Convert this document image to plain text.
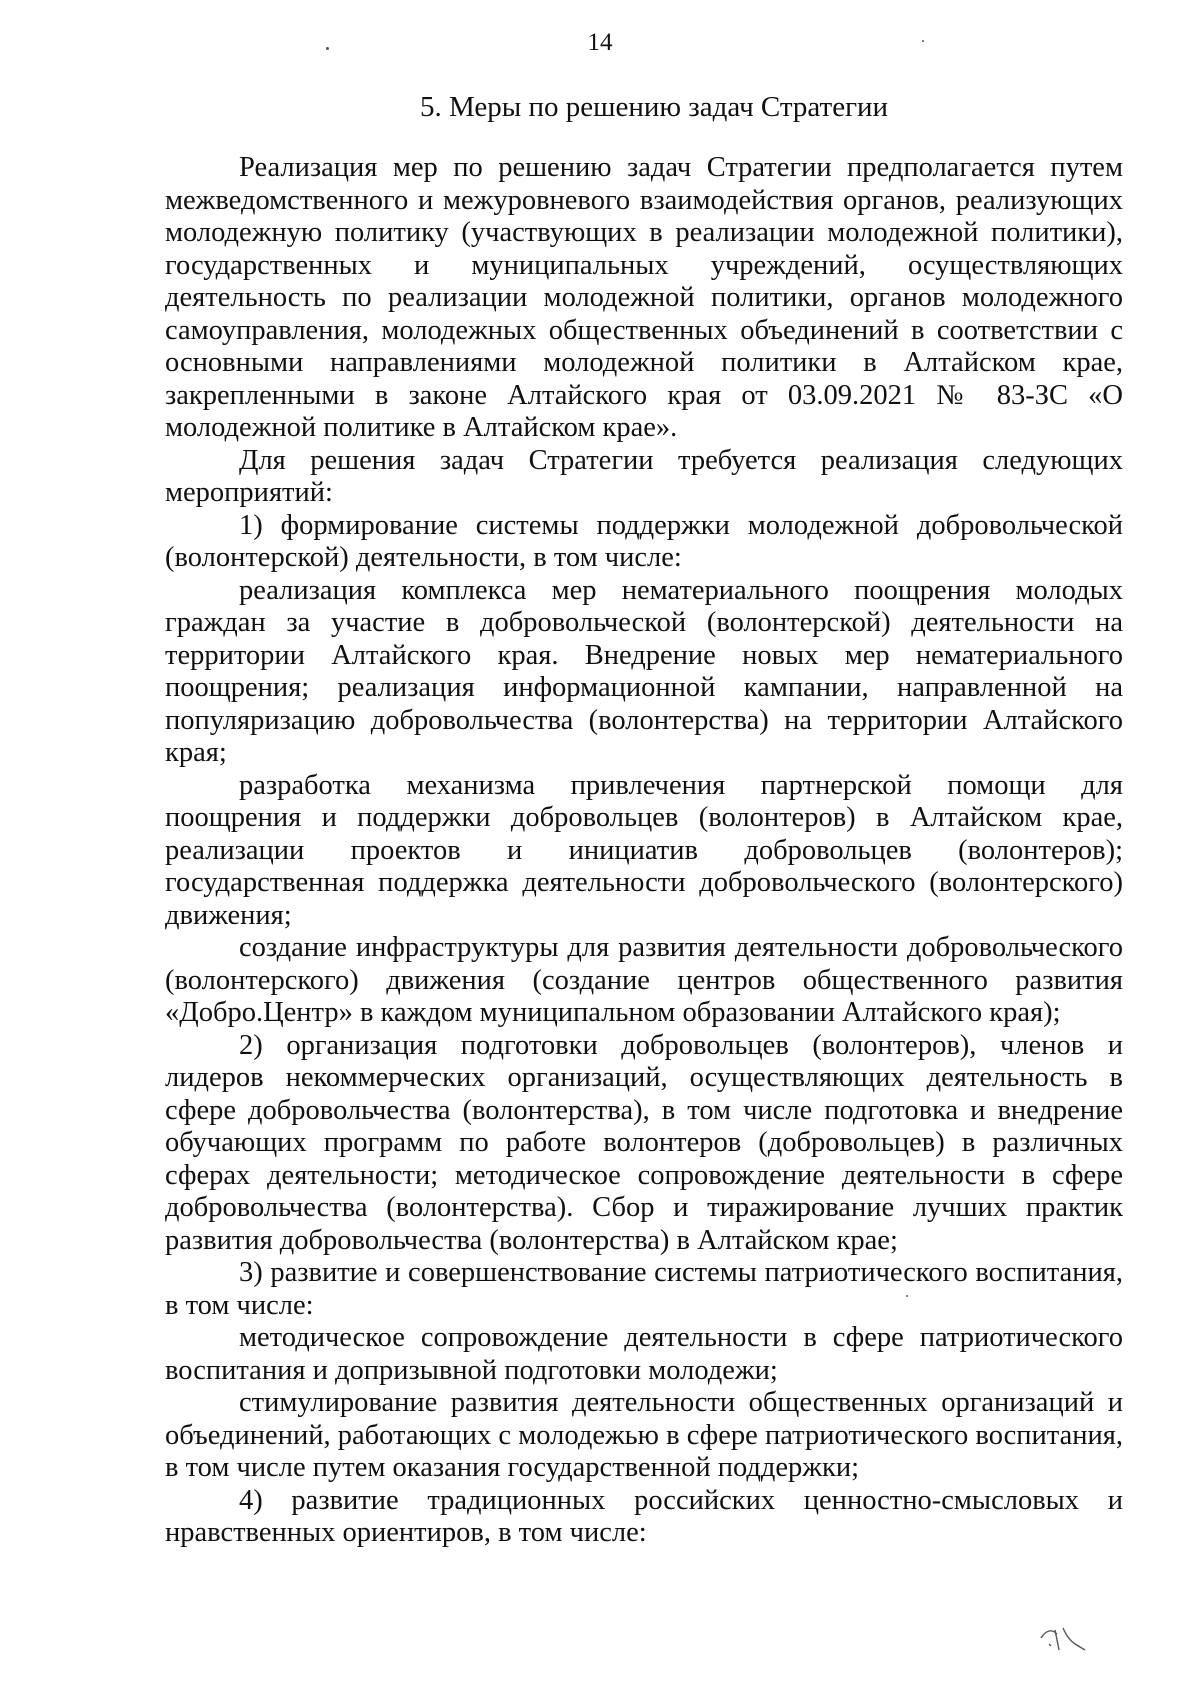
14
5. Меры по решению задач Стратегии

Реализация мер по решению задач Стратегии предполагается путем межведомственного и межуровневого взаимодействия органов, реализующих молодежную политику (участвующих в реализации молодежной политики), государственных и муниципальных учреждений, осуществляющих деятельность по реализации молодежной политики, органов молодежного самоуправления, молодежных общественных объединений в соответствии с основными направлениями молодежной политики в Алтайском крае, закрепленными в законе Алтайского края от 03.09.2021 № 83-ЗС «О молодежной политике в Алтайском крае».

Для решения задач Стратегии требуется реализация следующих мероприятий:

1) формирование системы поддержки молодежной добровольческой (волонтерской) деятельности, в том числе:

реализация комплекса мер нематериального поощрения молодых граждан за участие в добровольческой (волонтерской) деятельности на территории Алтайского края. Внедрение новых мер нематериального поощрения; реализация информационной кампании, направленной на популяризацию добровольчества (волонтерства) на территории Алтайского края;

разработка механизма привлечения партнерской помощи для поощрения и поддержки добровольцев (волонтеров) в Алтайском крае, реализации проектов и инициатив добровольцев (волонтеров); государственная поддержка деятельности добровольческого (волонтерского) движения;

создание инфраструктуры для развития деятельности добровольческого (волонтерского) движения (создание центров общественного развития «Добро.Центр» в каждом муниципальном образовании Алтайского края);

2) организация подготовки добровольцев (волонтеров), членов и лидеров некоммерческих организаций, осуществляющих деятельность в сфере добровольчества (волонтерства), в том числе подготовка и внедрение обучающих программ по работе волонтеров (добровольцев) в различных сферах деятельности; методическое сопровождение деятельности в сфере добровольчества (волонтерства). Сбор и тиражирование лучших практик развития добровольчества (волонтерства) в Алтайском крае;

3) развитие и совершенствование системы патриотического воспитания, в том числе:

методическое сопровождение деятельности в сфере патриотического воспитания и допризывной подготовки молодежи;

стимулирование развития деятельности общественных организаций и объединений, работающих с молодежью в сфере патриотического воспитания, в том числе путем оказания государственной поддержки;

4) развитие традиционных российских ценностно-смысловых и нравственных ориентиров, в том числе:
